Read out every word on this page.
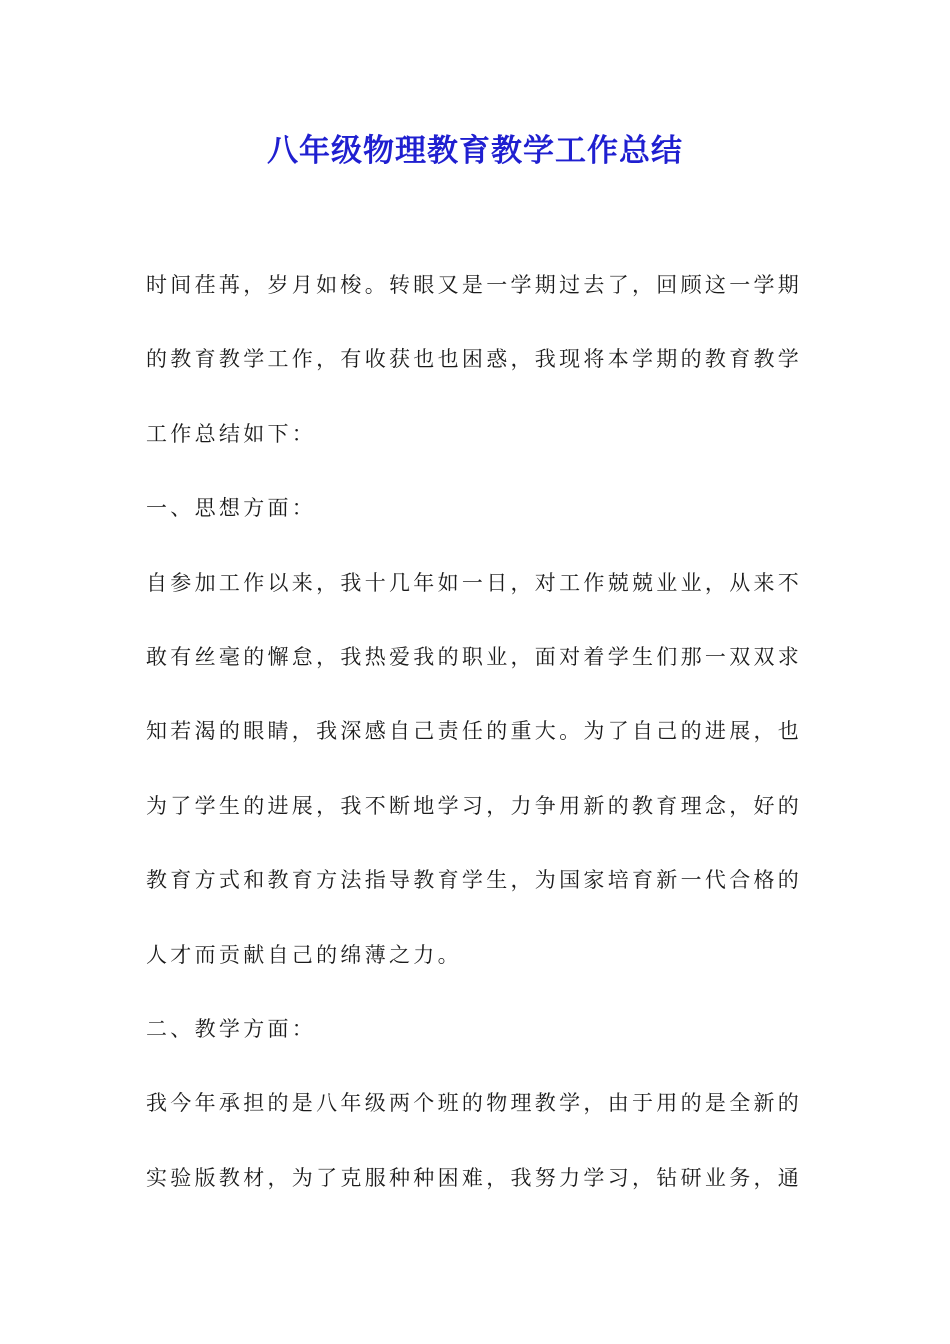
八年级物理教育教学工作总结
时间荏苒，岁月如梭。转眼又是一学期过去了，回顾这一学期
的教育教学工作，有收获也也困惑，我现将本学期的教育教学
工作总结如下：
一、思想方面：
自参加工作以来，我十几年如一日，对工作兢兢业业，从来不
敢有丝毫的懈怠，我热爱我的职业，面对着学生们那一双双求
知若渴的眼睛，我深感自己责任的重大。为了自己的进展，也
为了学生的进展，我不断地学习，力争用新的教育理念，好的
教育方式和教育方法指导教育学生，为国家培育新一代合格的
人才而贡献自己的绵薄之力。
二、教学方面：
我今年承担的是八年级两个班的物理教学，由于用的是全新的
实验版教材，为了克服种种困难，我努力学习，钻研业务，通
